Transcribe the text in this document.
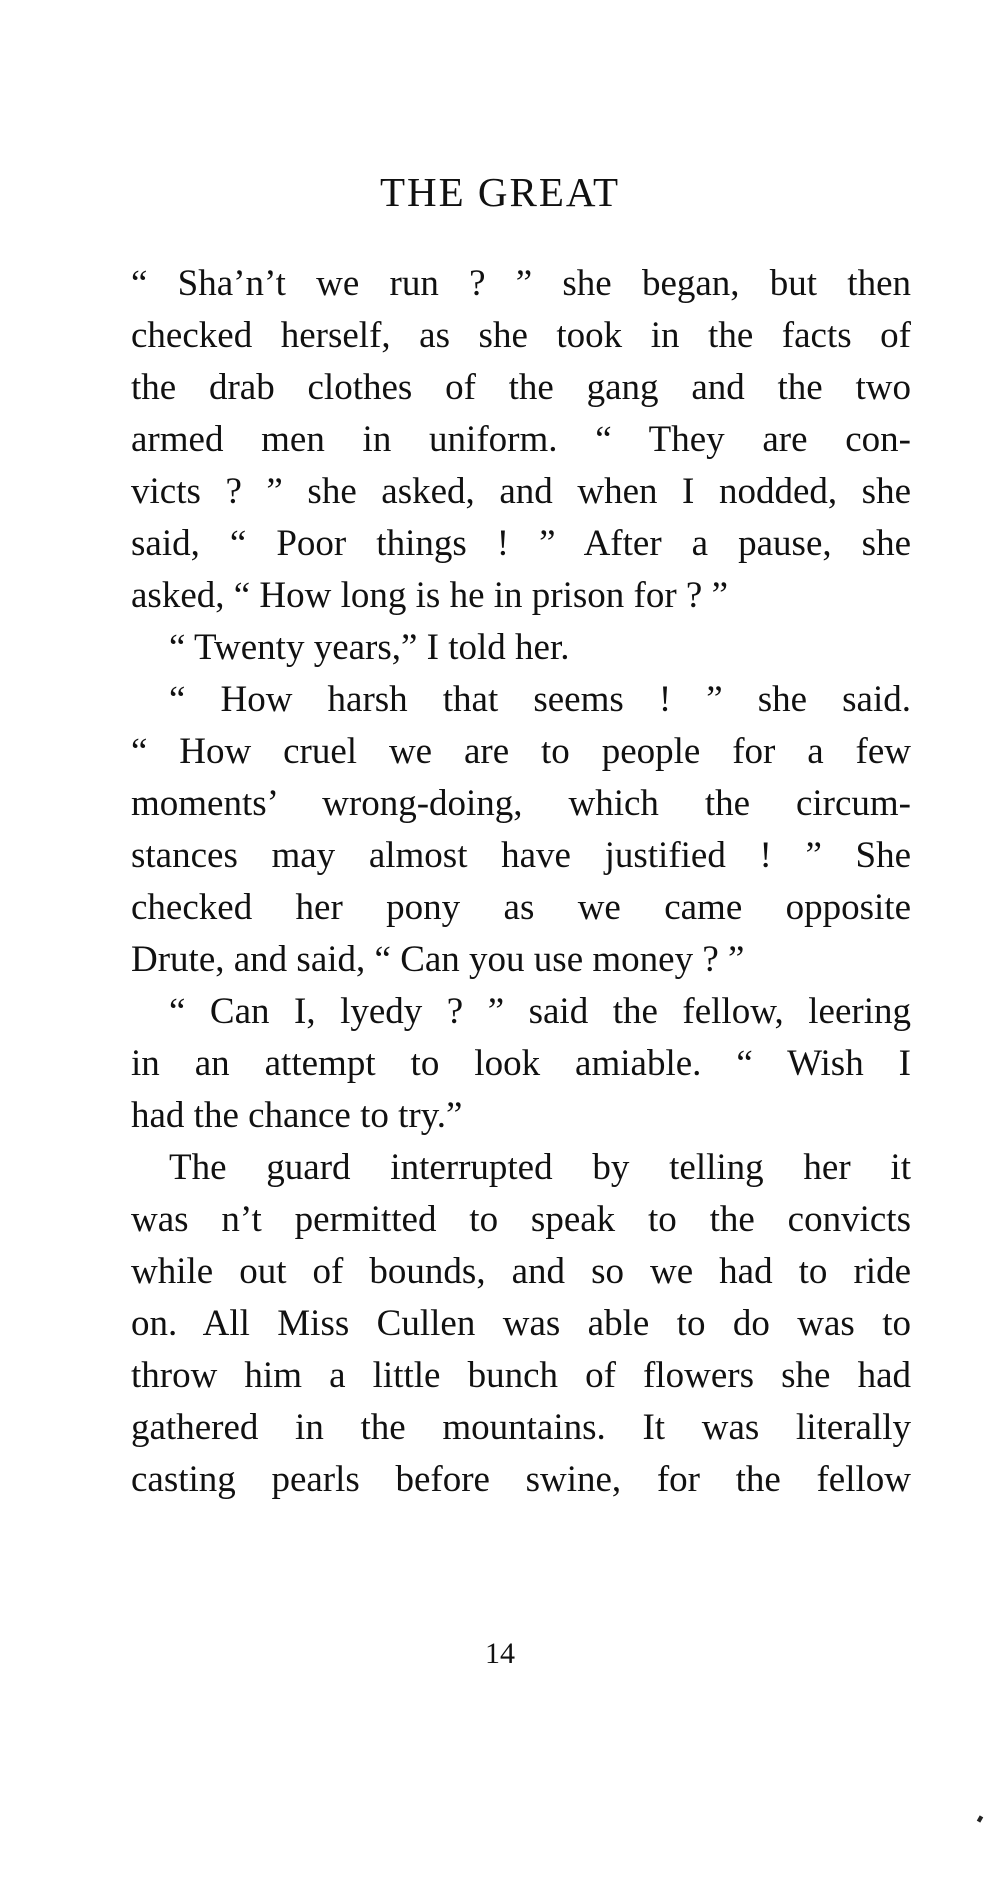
THE GREAT

“ Sha’n’t we run ? ” she began, but then
checked herself, as she took in the facts of
the drab clothes of the gang and the two
armed men in uniform. “ They are con-
victs ? ” she asked, and when I nodded, she
said, “ Poor things ! ” After a pause, she
asked, “ How long is he in prison for ? ”

“ Twenty years,” I told her.

“ How harsh that seems ! ” she said.
“ How cruel we are to people for a few
moments’ wrong-doing, which the circum-
stances may almost have justified ! ” She
checked her pony as we came opposite
Drute, and said, “ Can you use money ? ”

“ Can I, lyedy ? ” said the fellow, leering
in an attempt to look amiable. “ Wish I
had the chance to try.”

The guard interrupted by telling her it
was n’t permitted to speak to the convicts
while out of bounds, and so we had to ride
on. All Miss Cullen was able to do was to
throw him a little bunch of flowers she had
gathered in the mountains. It was literally
casting pearls before swine, for the fellow

14
